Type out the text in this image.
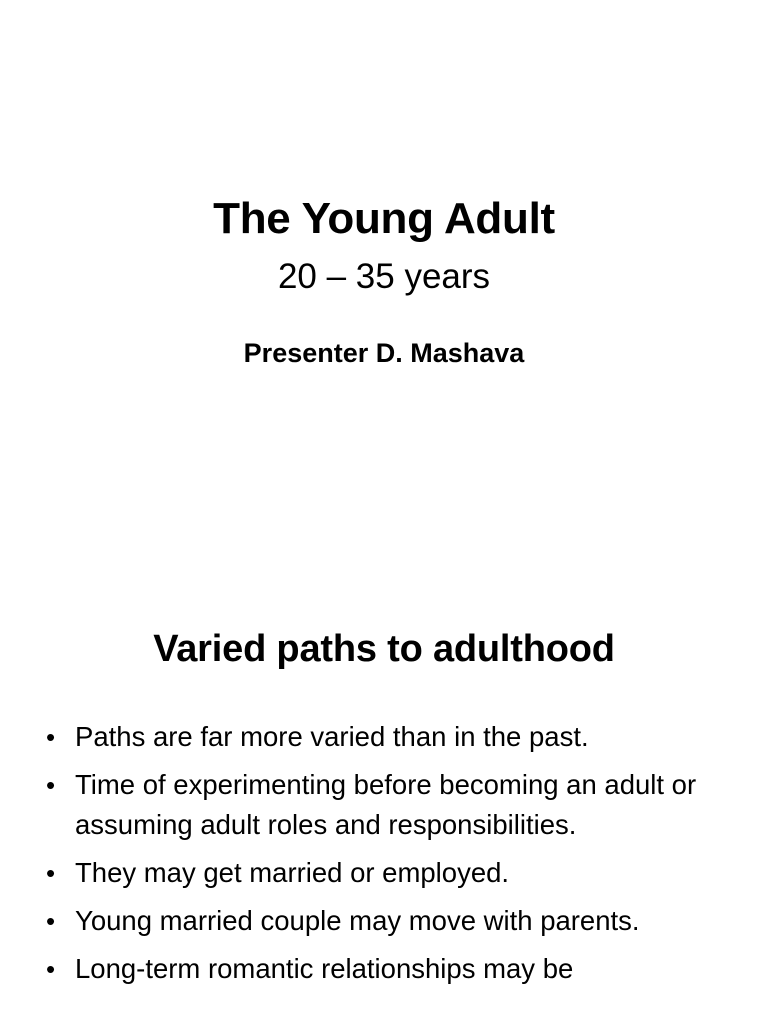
The Young Adult
20 – 35 years
Presenter D. Mashava
Varied paths to adulthood
• Paths are far more varied than in the past.
• Time of experimenting before becoming an adult or assuming adult roles and responsibilities.
• They may get married or employed.
• Young married couple may move with parents.
• Long-term romantic relationships may be
